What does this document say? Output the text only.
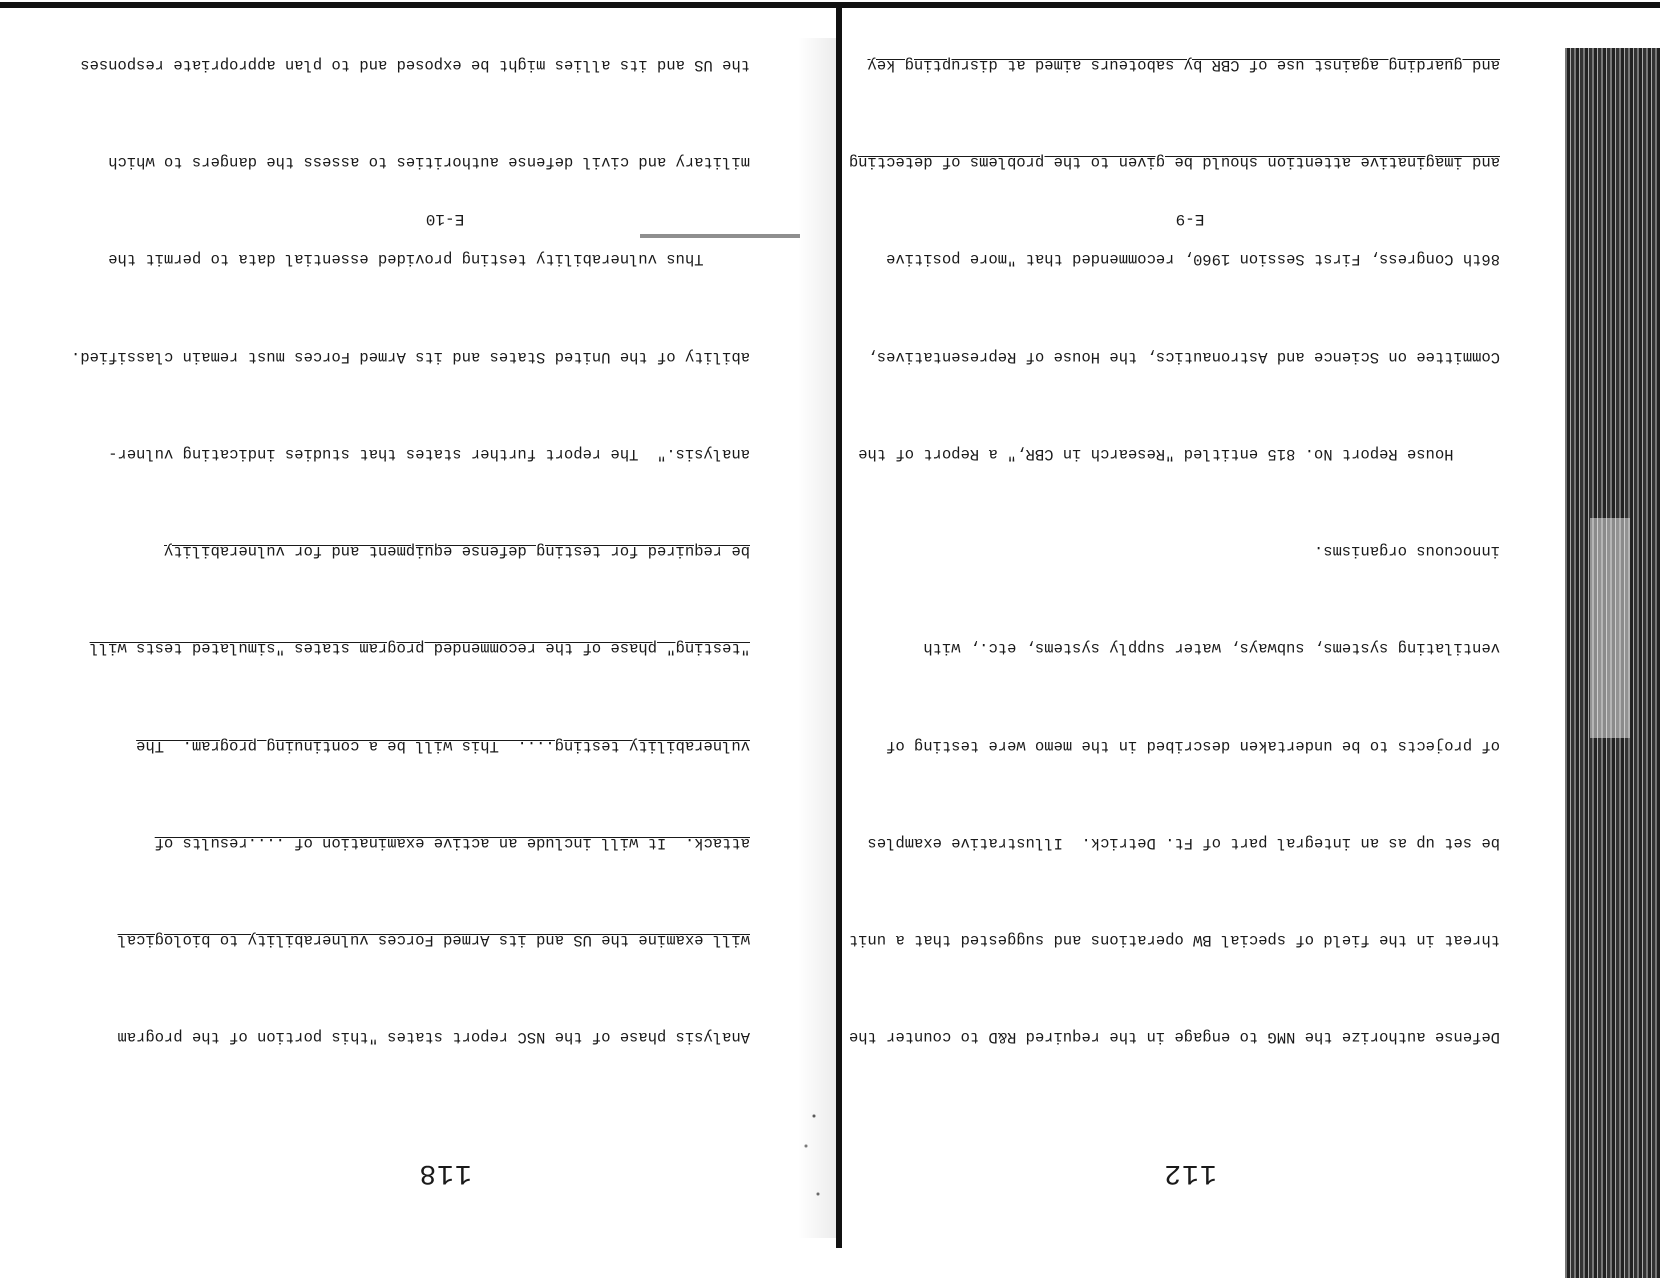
112

Defense authorize the NMG to engage in the required R&D to counter the

threat in the field of special BW operations and suggested that a unit

be set up as an integral part of Ft. Detrick.  Illustrative examples

of projects to be undertaken described in the memo were testing of

ventilating systems, subways, water supply systems, etc., with

innocuous organisms.

House Report No. 815 entitled "Research in CBR," a Report of the

Committee on Science and Astronautics, the House of Representatives,

86th Congress, First Session 1960, recommended that "more positive

and imaginative attention should be given to the problems of detecting

and guarding against use of CBR by saboteurs aimed at disrupting key

E-9
118

Analysis phase of the NSC report states "this portion of the program

will examine the US and its Armed Forces vulnerability to biological

attack.  It will include an active examination of ....results of

vulnerability testing....  This will be a continuing program.  The

"testing" phase of the recommended program states "simulated tests will

be required for testing defense equipment and for vulnerability

analysis."  The report further states that studies indicating vulner-

ability of the United States and its Armed Forces must remain classified.

Thus vulnerability testing provided essential data to permit the

military and civil defense authorities to assess the dangers to which

the US and its allies might be exposed and to plan appropriate responses

E-10
